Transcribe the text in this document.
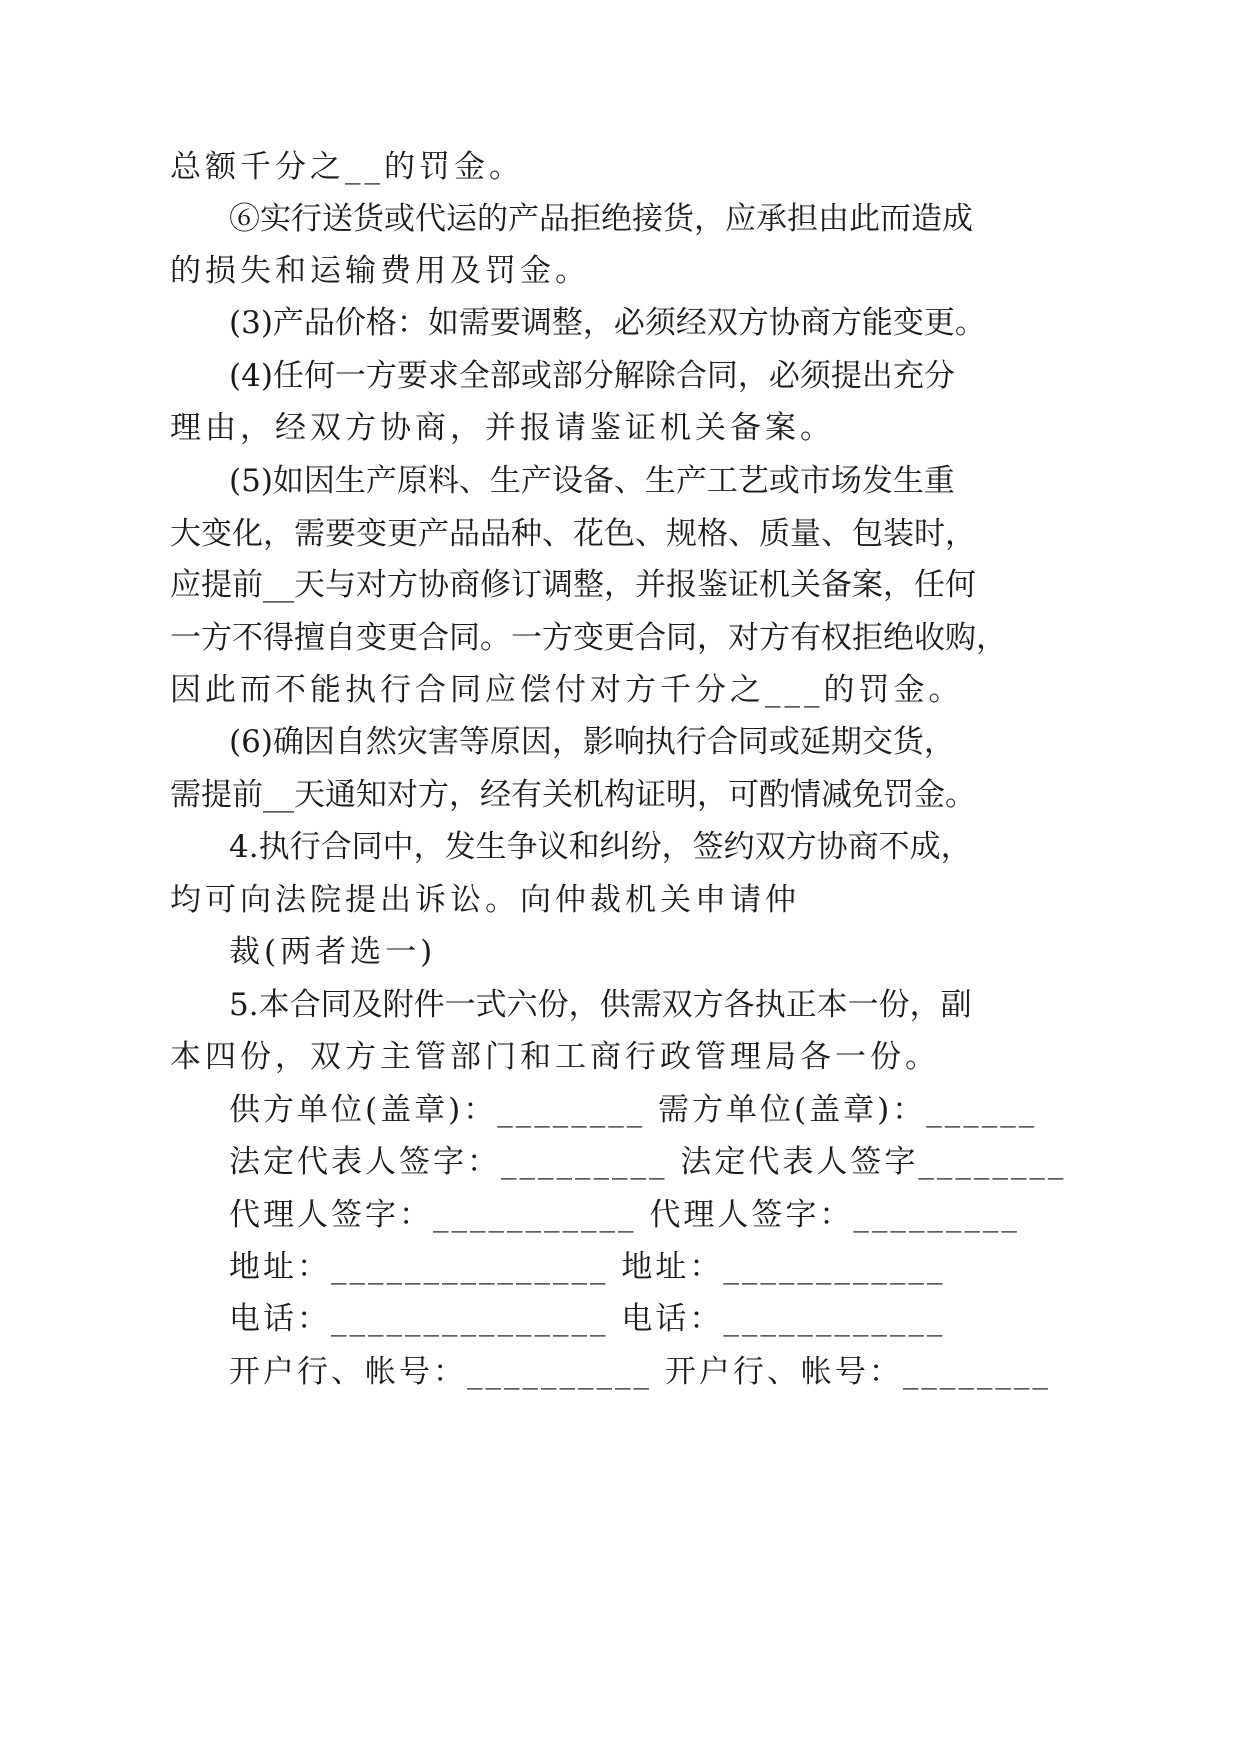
总额千分之__的罚金。
⑥实行送货或代运的产品拒绝接货，应承担由此而造成
的损失和运输费用及罚金。
(3)产品价格：如需要调整，必须经双方协商方能变更。
(4)任何一方要求全部或部分解除合同，必须提出充分
理由，经双方协商，并报请鉴证机关备案。
(5)如因生产原料、生产设备、生产工艺或市场发生重
大变化，需要变更产品品种、花色、规格、质量、包装时，
应提前__天与对方协商修订调整，并报鉴证机关备案，任何
一方不得擅自变更合同。一方变更合同，对方有权拒绝收购，
因此而不能执行合同应偿付对方千分之___的罚金。
(6)确因自然灾害等原因，影响执行合同或延期交货，
需提前__天通知对方，经有关机构证明，可酌情减免罚金。
4.执行合同中，发生争议和纠纷，签约双方协商不成，
均可向法院提出诉讼。向仲裁机关申请仲
裁(两者选一)
5.本合同及附件一式六份，供需双方各执正本一份，副
本四份，双方主管部门和工商行政管理局各一份。
供方单位(盖章)：________ 需方单位(盖章)：______
法定代表人签字：_________ 法定代表人签字________
代理人签字：___________ 代理人签字：_________
地址：_______________ 地址：____________
电话：_______________ 电话：____________
开户行、帐号：__________ 开户行、帐号：________
